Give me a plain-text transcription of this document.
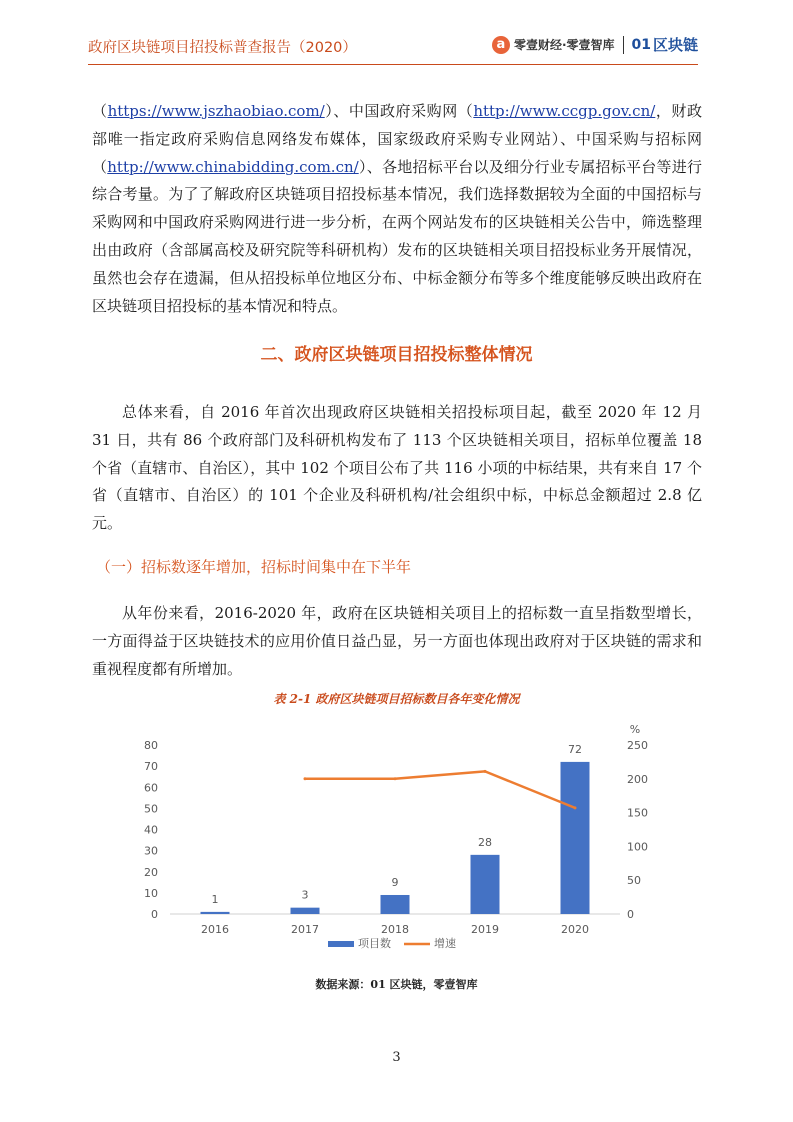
政府区块链项目招投标普查报告（2020）	a 零壹财经·零壹智库 01 区块链

（https://www.jszhaobiao.com/）、中国政府采购网（http://www.ccgp.gov.cn/，财政部唯一指定政府采购信息网络发布媒体，国家级政府采购专业网站）、中国采购与招标网（http://www.chinabidding.com.cn/）、各地招标平台以及细分行业专属招标平台等进行综合考量。为了了解政府区块链项目招投标基本情况，我们选择数据较为全面的中国招标与采购网和中国政府采购网进行进一步分析，在两个网站发布的区块链相关公告中，筛选整理出由政府（含部属高校及研究院等科研机构）发布的区块链相关项目招投标业务开展情况，虽然也会存在遗漏，但从招投标单位地区分布、中标金额分布等多个维度能够反映出政府在区块链项目招投标的基本情况和特点。

二、政府区块链项目招投标整体情况

总体来看，自 2016 年首次出现政府区块链相关招投标项目起，截至 2020 年 12 月 31 日，共有 86 个政府部门及科研机构发布了 113 个区块链相关项目，招标单位覆盖 18 个省（直辖市、自治区），其中 102 个项目公布了共 116 小项的中标结果，共有来自 17 个省（直辖市、自治区）的 101 个企业及科研机构/社会组织中标，中标总金额超过 2.8 亿元。

（一）招标数逐年增加，招标时间集中在下半年

从年份来看，2016-2020 年，政府在区块链相关项目上的招标数一直呈指数型增长，一方面得益于区块链技术的应用价值日益凸显，另一方面也体现出政府对于区块链的需求和重视程度都有所增加。

表 2-1 政府区块链项目招标数目各年变化情况
0
10
20
30
40
50
60
70
80
0
50
100
150
200
250
%
2016	2017	2018	2019	2020
1	3
9
28
72
项目数	增速
数据来源：01 区块链，零壹智库
3
